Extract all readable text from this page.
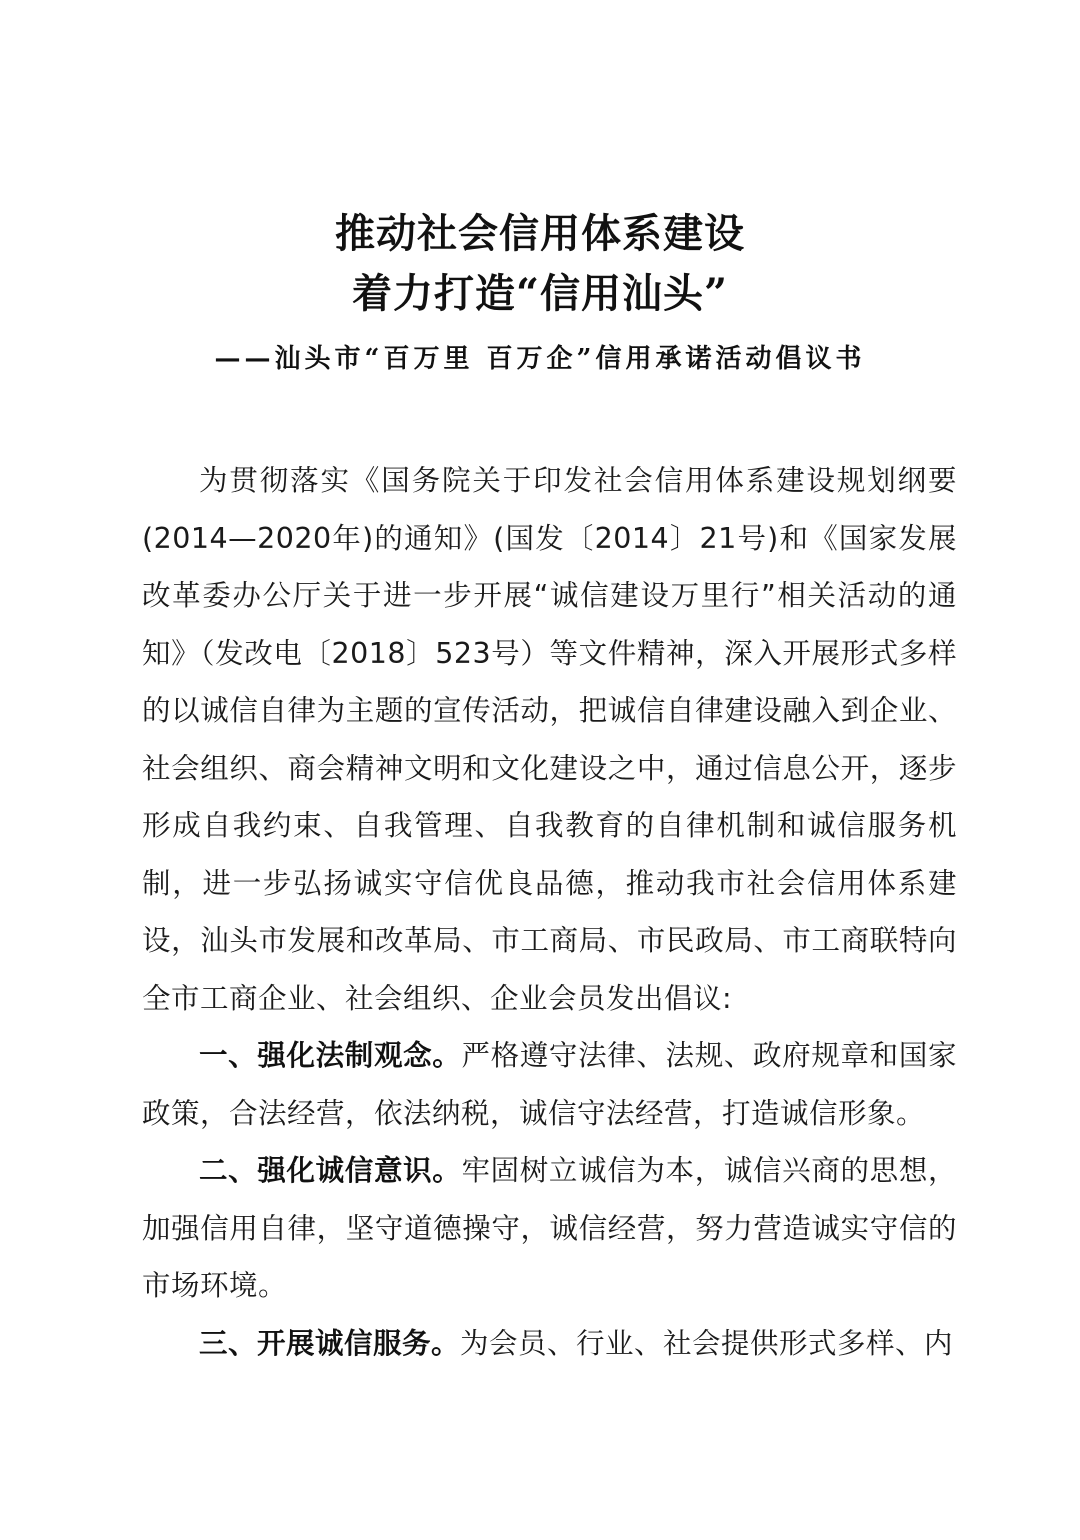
推动社会信用体系建设
着力打造“信用汕头”
——汕头市“百万里 百万企”信用承诺活动倡议书

为贯彻落实《国务院关于印发社会信用体系建设规划纲要(2014—2020年)的通知》(国发〔2014〕21号)和《国家发展改革委办公厅关于进一步开展“诚信建设万里行”相关活动的通知》（发改电〔2018〕523号）等文件精神，深入开展形式多样的以诚信自律为主题的宣传活动，把诚信自律建设融入到企业、社会组织、商会精神文明和文化建设之中，通过信息公开，逐步形成自我约束、自我管理、自我教育的自律机制和诚信服务机制，进一步弘扬诚实守信优良品德，推动我市社会信用体系建设，汕头市发展和改革局、市工商局、市民政局、市工商联特向全市工商企业、社会组织、企业会员发出倡议:

一、强化法制观念。严格遵守法律、法规、政府规章和国家政策，合法经营，依法纳税，诚信守法经营，打造诚信形象。

二、强化诚信意识。牢固树立诚信为本，诚信兴商的思想，加强信用自律，坚守道德操守，诚信经营，努力营造诚实守信的市场环境。

三、开展诚信服务。为会员、行业、社会提供形式多样、内
